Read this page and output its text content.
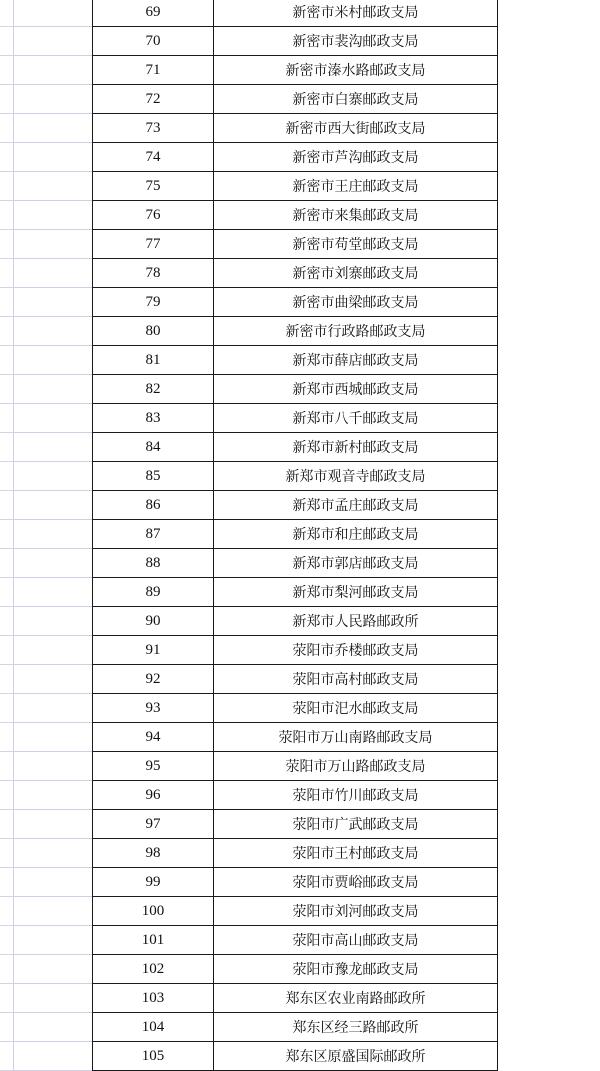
69	新密市米村邮政支局
70	新密市裴沟邮政支局
71	新密市溱水路邮政支局
72	新密市白寨邮政支局
73	新密市西大街邮政支局
74	新密市芦沟邮政支局
75	新密市王庄邮政支局
76	新密市来集邮政支局
77	新密市苟堂邮政支局
78	新密市刘寨邮政支局
79	新密市曲梁邮政支局
80	新密市行政路邮政支局
81	新郑市薛店邮政支局
82	新郑市西城邮政支局
83	新郑市八千邮政支局
84	新郑市新村邮政支局
85	新郑市观音寺邮政支局
86	新郑市孟庄邮政支局
87	新郑市和庄邮政支局
88	新郑市郭店邮政支局
89	新郑市梨河邮政支局
90	新郑市人民路邮政所
91	荥阳市乔楼邮政支局
92	荥阳市高村邮政支局
93	荥阳市汜水邮政支局
94	荥阳市万山南路邮政支局
95	荥阳市万山路邮政支局
96	荥阳市竹川邮政支局
97	荥阳市广武邮政支局
98	荥阳市王村邮政支局
99	荥阳市贾峪邮政支局
100	荥阳市刘河邮政支局
101	荥阳市高山邮政支局
102	荥阳市豫龙邮政支局
103	郑东区农业南路邮政所
104	郑东区经三路邮政所
105	郑东区原盛国际邮政所
